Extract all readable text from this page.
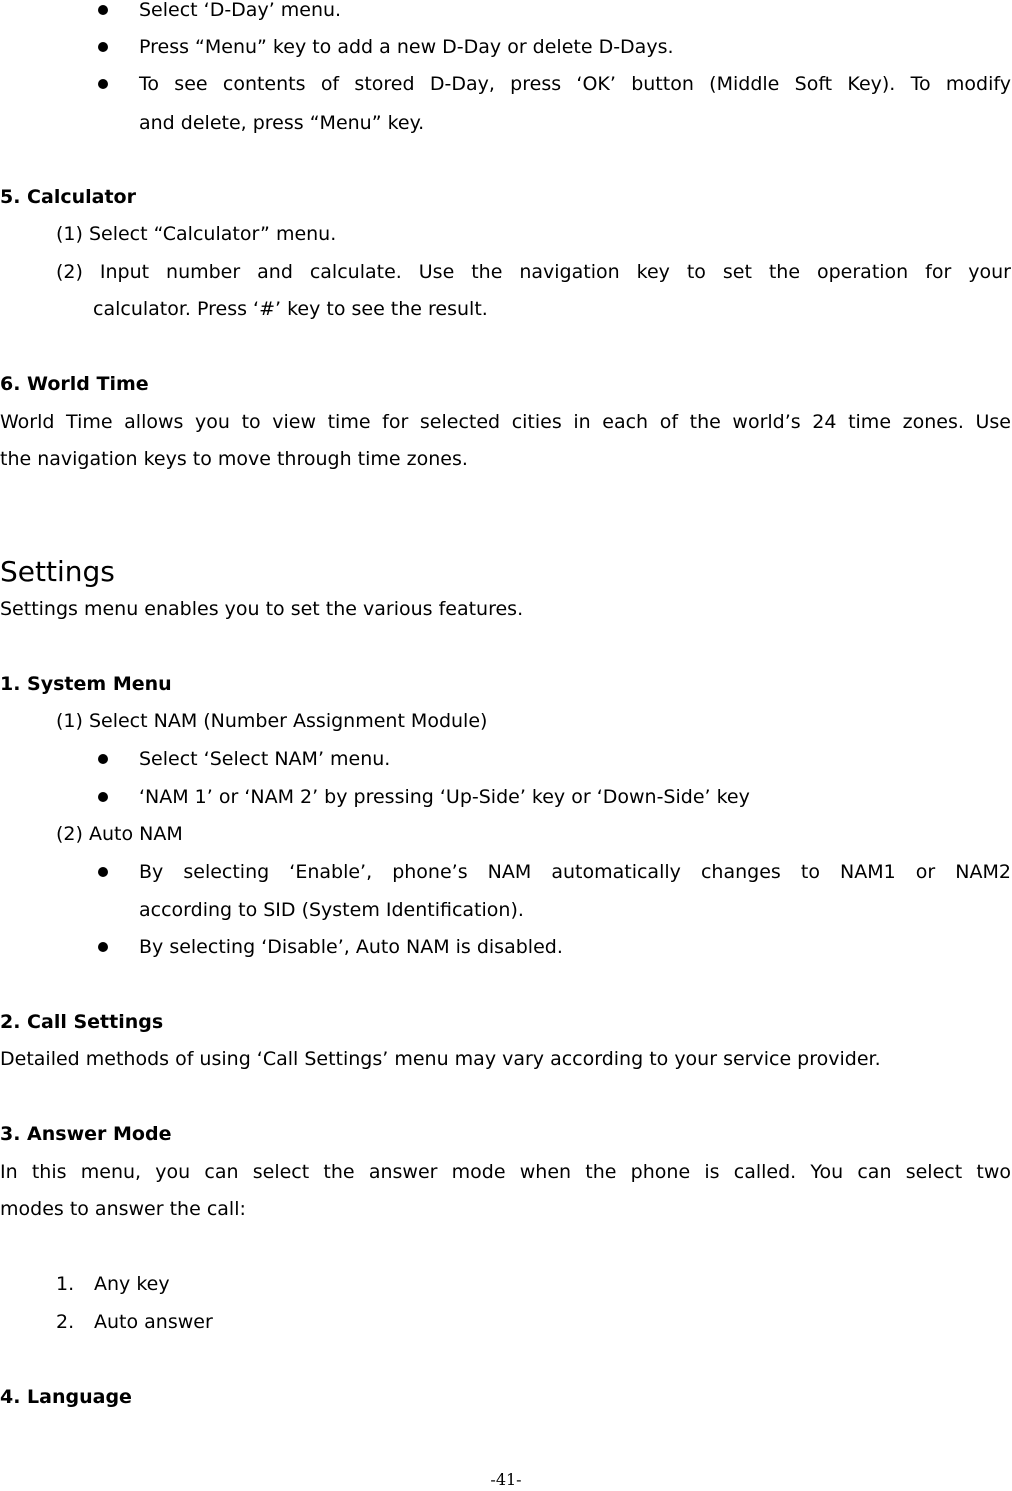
Select ‘D-Day’ menu.
Press “Menu” key to add a new D-Day or delete D-Days.
To see contents of stored D-Day, press ‘OK’ button (Middle Soft Key). To modify
and delete, press “Menu” key.
5. Calculator
(1) Select “Calculator” menu.
(2) Input number and calculate. Use the navigation key to set the operation for your
calculator. Press ‘#’ key to see the result.
6. World Time
World Time allows you to view time for selected cities in each of the world’s 24 time zones. Use
the navigation keys to move through time zones.
Settings
Settings menu enables you to set the various features.
1. System Menu
(1) Select NAM (Number Assignment Module)
Select ‘Select NAM’ menu.
‘NAM 1’ or ‘NAM 2’ by pressing ‘Up-Side’ key or ‘Down-Side’ key
(2) Auto NAM
By selecting ‘Enable’, phone’s NAM automatically changes to NAM1 or NAM2
according to SID (System Identification).
By selecting ‘Disable’, Auto NAM is disabled.
2. Call Settings
Detailed methods of using ‘Call Settings’ menu may vary according to your service provider.
3. Answer Mode
In this menu, you can select the answer mode when the phone is called. You can select two
modes to answer the call:
1. Any key
2. Auto answer
4. Language
-41-
